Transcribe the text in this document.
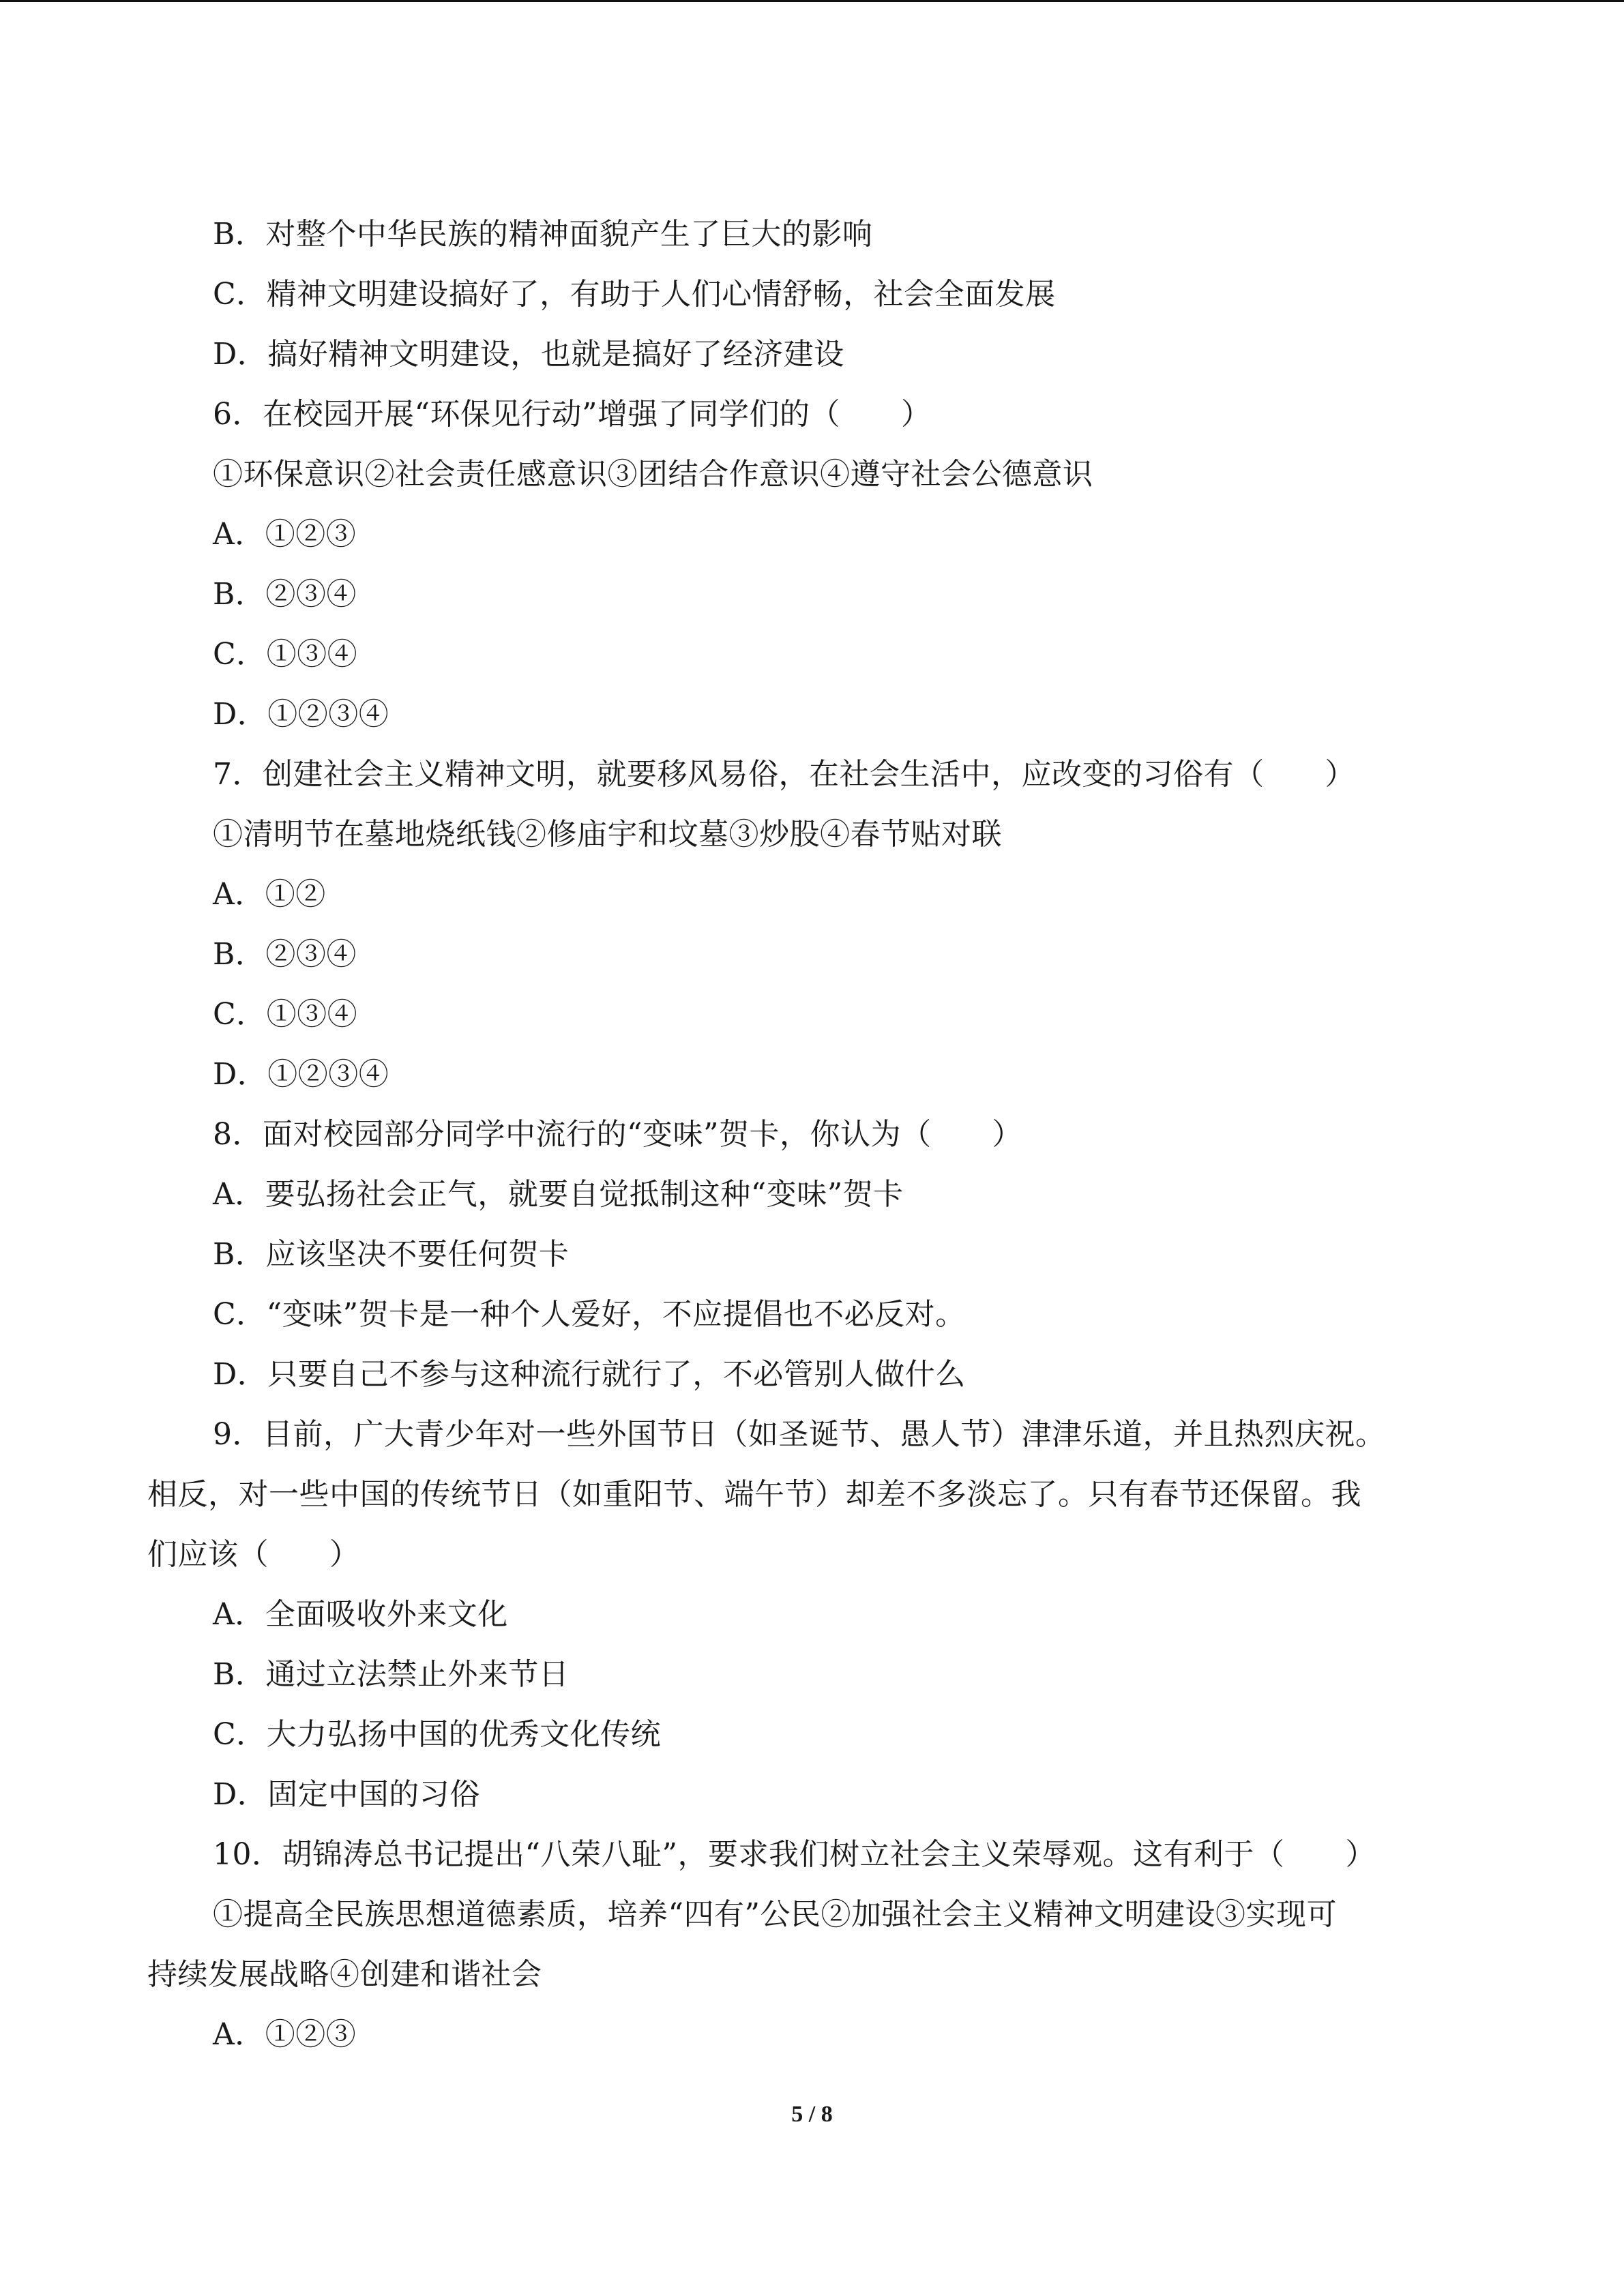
B．对整个中华民族的精神面貌产生了巨大的影响
C．精神文明建设搞好了，有助于人们心情舒畅，社会全面发展
D．搞好精神文明建设，也就是搞好了经济建设
6．在校园开展“环保见行动”增强了同学们的（　　）
①环保意识②社会责任感意识③团结合作意识④遵守社会公德意识
A．①②③
B．②③④
C．①③④
D．①②③④
7．创建社会主义精神文明，就要移风易俗，在社会生活中，应改变的习俗有（　　）
①清明节在墓地烧纸钱②修庙宇和坟墓③炒股④春节贴对联
A．①②
B．②③④
C．①③④
D．①②③④
8．面对校园部分同学中流行的“变味”贺卡，你认为（　　）
A．要弘扬社会正气，就要自觉抵制这种“变味”贺卡
B．应该坚决不要任何贺卡
C．“变味”贺卡是一种个人爱好，不应提倡也不必反对。
D．只要自己不参与这种流行就行了，不必管别人做什么
9．目前，广大青少年对一些外国节日（如圣诞节、愚人节）津津乐道，并且热烈庆祝。
相反，对一些中国的传统节日（如重阳节、端午节）却差不多淡忘了。只有春节还保留。我
们应该（　　）
A．全面吸收外来文化
B．通过立法禁止外来节日
C．大力弘扬中国的优秀文化传统
D．固定中国的习俗
10．胡锦涛总书记提出“八荣八耻”，要求我们树立社会主义荣辱观。这有利于（　　）
①提高全民族思想道德素质，培养“四有”公民②加强社会主义精神文明建设③实现可
持续发展战略④创建和谐社会
A．①②③
5 / 8
